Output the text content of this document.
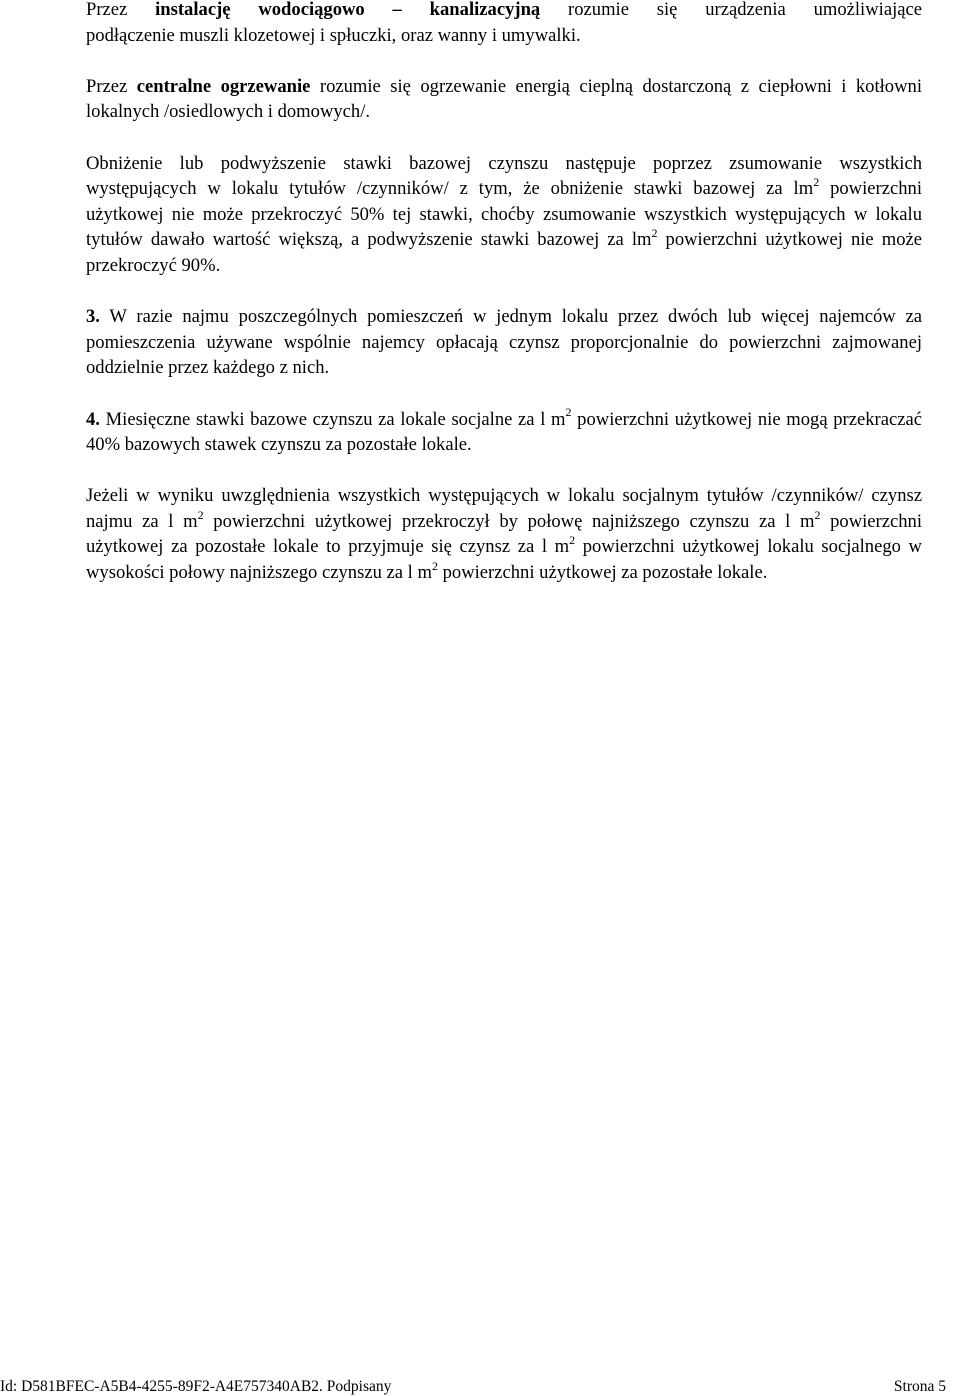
Przez instalację wodociągowo – kanalizacyjną rozumie się urządzenia umożliwiające

podłączenie muszli klozetowej i spłuczki, oraz wanny i umywalki.

Przez centralne ogrzewanie rozumie się ogrzewanie energią cieplną dostarczoną z ciepłowni i kotłowni lokalnych /osiedlowych i domowych/.

Obniżenie lub podwyższenie stawki bazowej czynszu następuje poprzez zsumowanie wszystkich występujących w lokalu tytułów /czynników/ z tym, że obniżenie stawki bazowej za $lm^2$ powierzchni użytkowej nie może przekroczyć 50% tej stawki, choćby zsumowanie wszystkich występujących w lokalu tytułów dawało wartość większą, a podwyższenie stawki bazowej za $lm^2$ powierzchni użytkowej nie może przekroczyć 90%.

3. W razie najmu poszczególnych pomieszczeń w jednym lokalu przez dwóch lub więcej najemców za pomieszczenia używane wspólnie najemcy opłacają czynsz proporcjonalnie do powierzchni zajmowanej oddzielnie przez każdego z nich.

4. Miesięczne stawki bazowe czynszu za lokale socjalne za l $m^2$ powierzchni użytkowej nie mogą przekraczać 40% bazowych stawek czynszu za pozostałe lokale.

Jeżeli w wyniku uwzględnienia wszystkich występujących w lokalu socjalnym tytułów /czynników/ czynsz najmu za l $m^2$ powierzchni użytkowej przekroczył by połowę najniższego czynszu za l $m^2$ powierzchni użytkowej za pozostałe lokale to przyjmuje się czynsz za l $m^2$ powierzchni użytkowej lokalu socjalnego w wysokości połowy najniższego czynszu za l $m^2$ powierzchni użytkowej za pozostałe lokale.

Id: D581BFEC-A5B4-4255-89F2-A4E757340AB2. Podpisany	Strona 5
